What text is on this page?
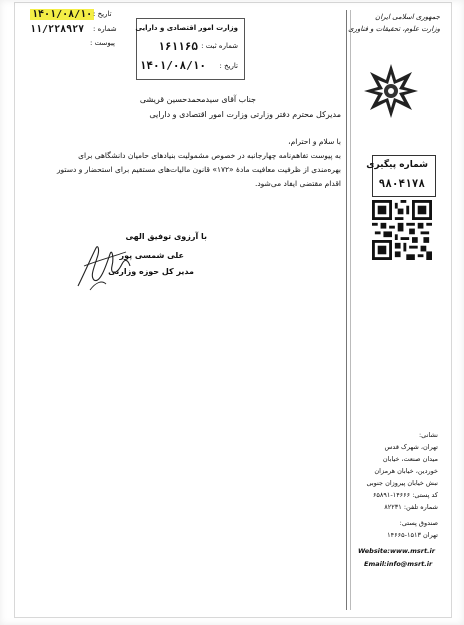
۱۴۰۱/۰۸/۱۰ تاریخ :
۱۱/۲۲۸۹۲۷ شماره :
پیوست :
وزارت امور اقتصادی و دارایی
شماره ثبت :
۱۶۱۱۶۵
تاریخ :
۱۴۰۱/۰۸/۱۰
جمهوری اسلامی ایران
وزارت علوم، تحقیقات و فناوری
شماره پیگیری
۹۸۰۴۱۷۸
جناب آقای سیدمحمدحسین قریشی
مدیرکل محترم دفتر وزارتی وزارت امور اقتصادی و دارایی
با سلام و احترام،
به پیوست تفاهم‌نامه چهارجانبه در خصوص مشمولیت بنیادهای حامیان دانشگاهی برای
بهره‌مندی از ظرفیت معافیت مادهٔ «۱۷۲» قانون مالیات‌های مستقیم برای استحضار و دستور
اقدام مقتضی ایفاد می‌شود.
با آرزوی توفیق الهی
علی شمسی پور
مدیر کل حوزه وزارتی
نشانی:
تهران، شهرک قدس
میدان صنعت، خیابان
خوردین، خیابان هرمزان
نبش خیابان پیروزان جنوبی
کد پستی: ۱۴۶۶۶-۶۵۸۹۱
شماره تلفن: ۸۲۲۳۱
صندوق پستی:
تهران ۱۵۱۳-۱۴۶۶۵
Website:www.msrt.ir
Email:info@msrt.ir
